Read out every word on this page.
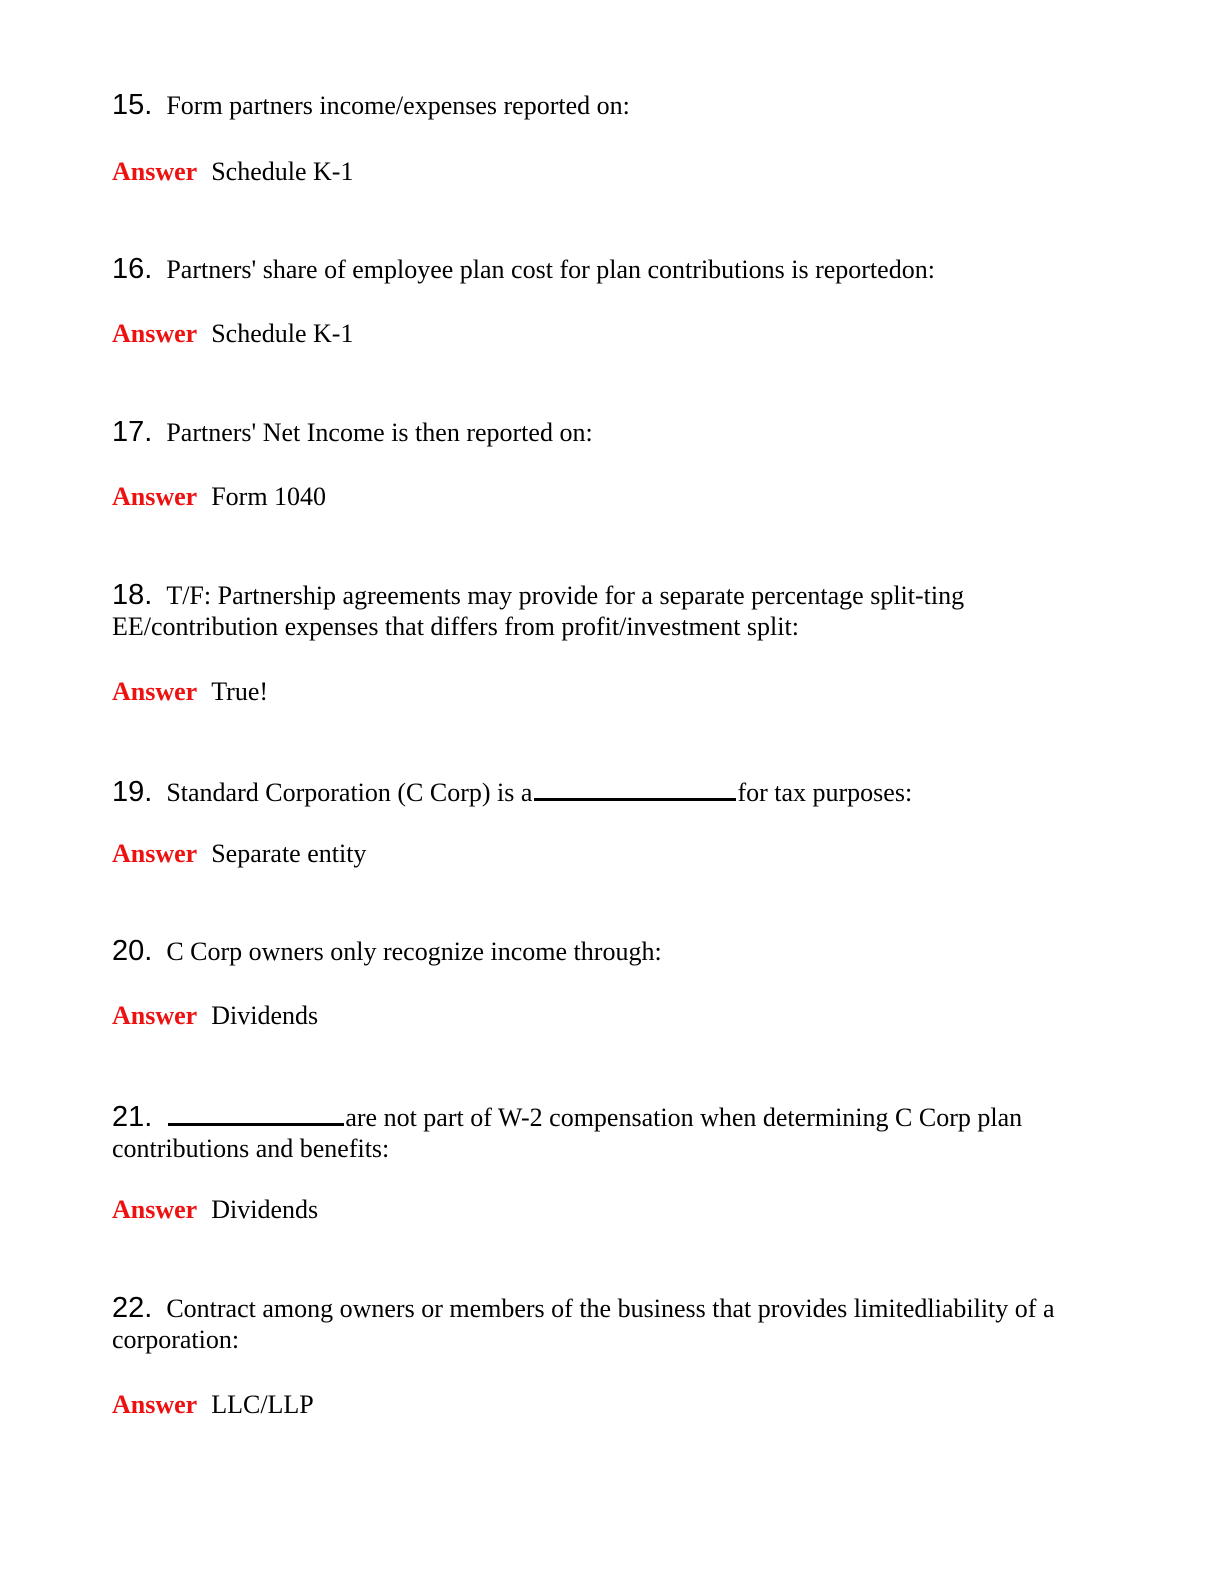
15. Form partners income/expenses reported on:
Answer Schedule K-1
16. Partners' share of employee plan cost for plan contributions is reportedon:
Answer Schedule K-1
17. Partners' Net Income is then reported on:
Answer Form 1040
18. T/F: Partnership agreements may provide for a separate percentage split-ting EE/contribution expenses that differs from profit/investment split:
Answer True!
19. Standard Corporation (C Corp) is a	for tax purposes:
Answer Separate entity
20. C Corp owners only recognize income through:
Answer Dividends
21.	are not part of W-2 compensation when determining C Corp plan contributions and benefits:
Answer Dividends
22. Contract among owners or members of the business that provides limitedliability of a corporation:
Answer LLC/LLP
